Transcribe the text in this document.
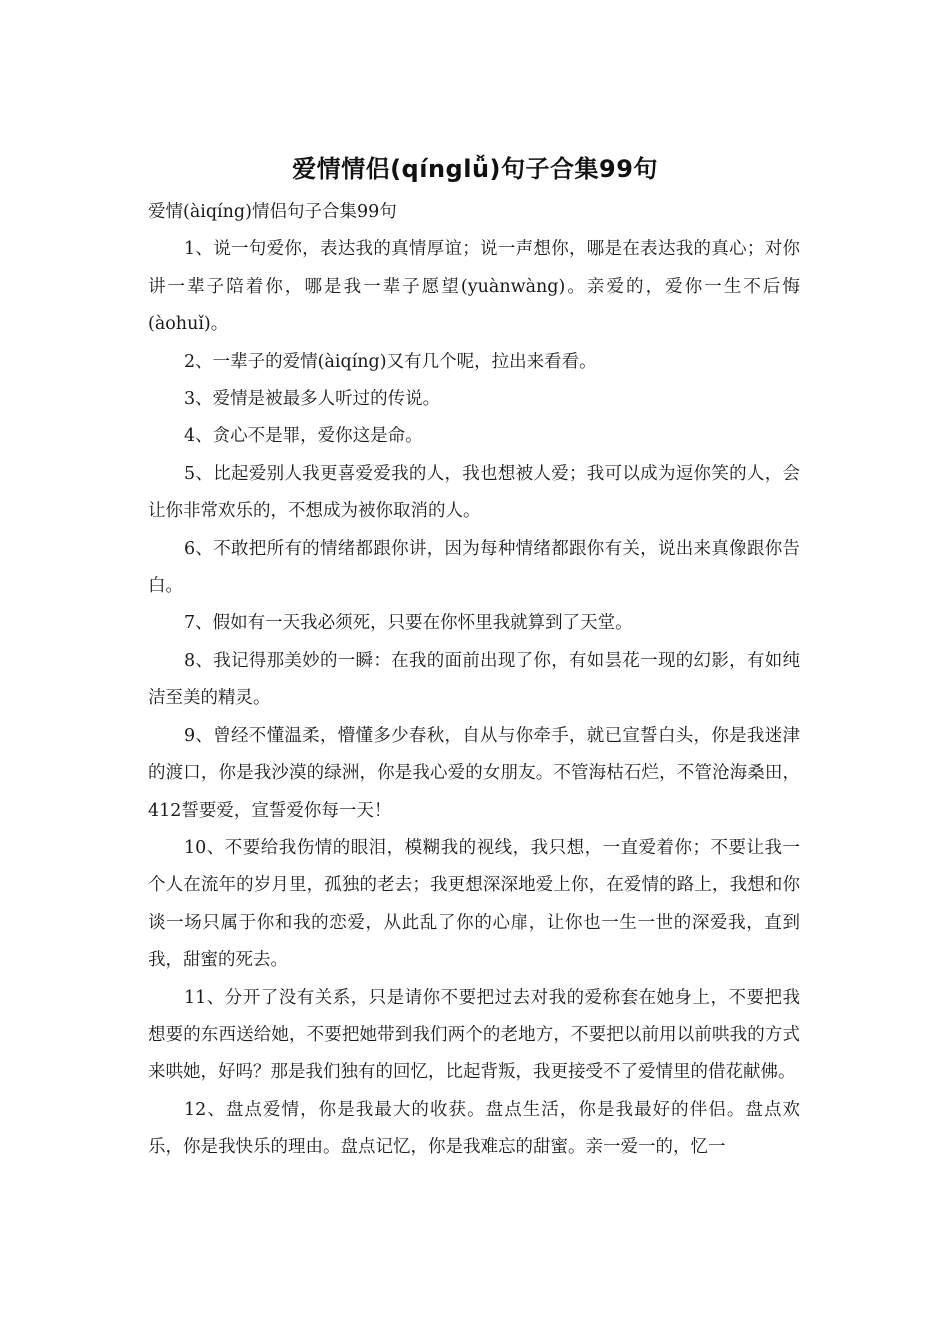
爱情情侣(qínglǚ)句子合集99句

爱情(àiqíng)情侣句子合集99句

1、说一句爱你，表达我的真情厚谊；说一声想你，哪是在表达我的真心；对你讲一辈子陪着你，哪是我一辈子愿望(yuànwàng)。亲爱的，爱你一生不后悔(àohuǐ)。

2、一辈子的爱情(àiqíng)又有几个呢，拉出来看看。

3、爱情是被最多人听过的传说。

4、贪心不是罪，爱你这是命。

5、比起爱别人我更喜爱爱我的人，我也想被人爱；我可以成为逗你笑的人，会让你非常欢乐的，不想成为被你取消的人。

6、不敢把所有的情绪都跟你讲，因为每种情绪都跟你有关，说出来真像跟你告白。

7、假如有一天我必须死，只要在你怀里我就算到了天堂。

8、我记得那美妙的一瞬：在我的面前出现了你，有如昙花一现的幻影，有如纯洁至美的精灵。

9、曾经不懂温柔，懵懂多少春秋，自从与你牵手，就已宣誓白头，你是我迷津的渡口，你是我沙漠的绿洲，你是我心爱的女朋友。不管海枯石烂，不管沧海桑田，412誓要爱，宣誓爱你每一天！

10、不要给我伤情的眼泪，模糊我的视线，我只想，一直爱着你；不要让我一个人在流年的岁月里，孤独的老去；我更想深深地爱上你，在爱情的路上，我想和你谈一场只属于你和我的恋爱，从此乱了你的心扉，让你也一生一世的深爱我，直到我，甜蜜的死去。

11、分开了没有关系，只是请你不要把过去对我的爱称套在她身上，不要把我想要的东西送给她，不要把她带到我们两个的老地方，不要把以前用以前哄我的方式来哄她，好吗？那是我们独有的回忆，比起背叛，我更接受不了爱情里的借花献佛。

12、盘点爱情，你是我最大的收获。盘点生活，你是我最好的伴侣。盘点欢乐，你是我快乐的理由。盘点记忆，你是我难忘的甜蜜。亲一爱一的，忆一
